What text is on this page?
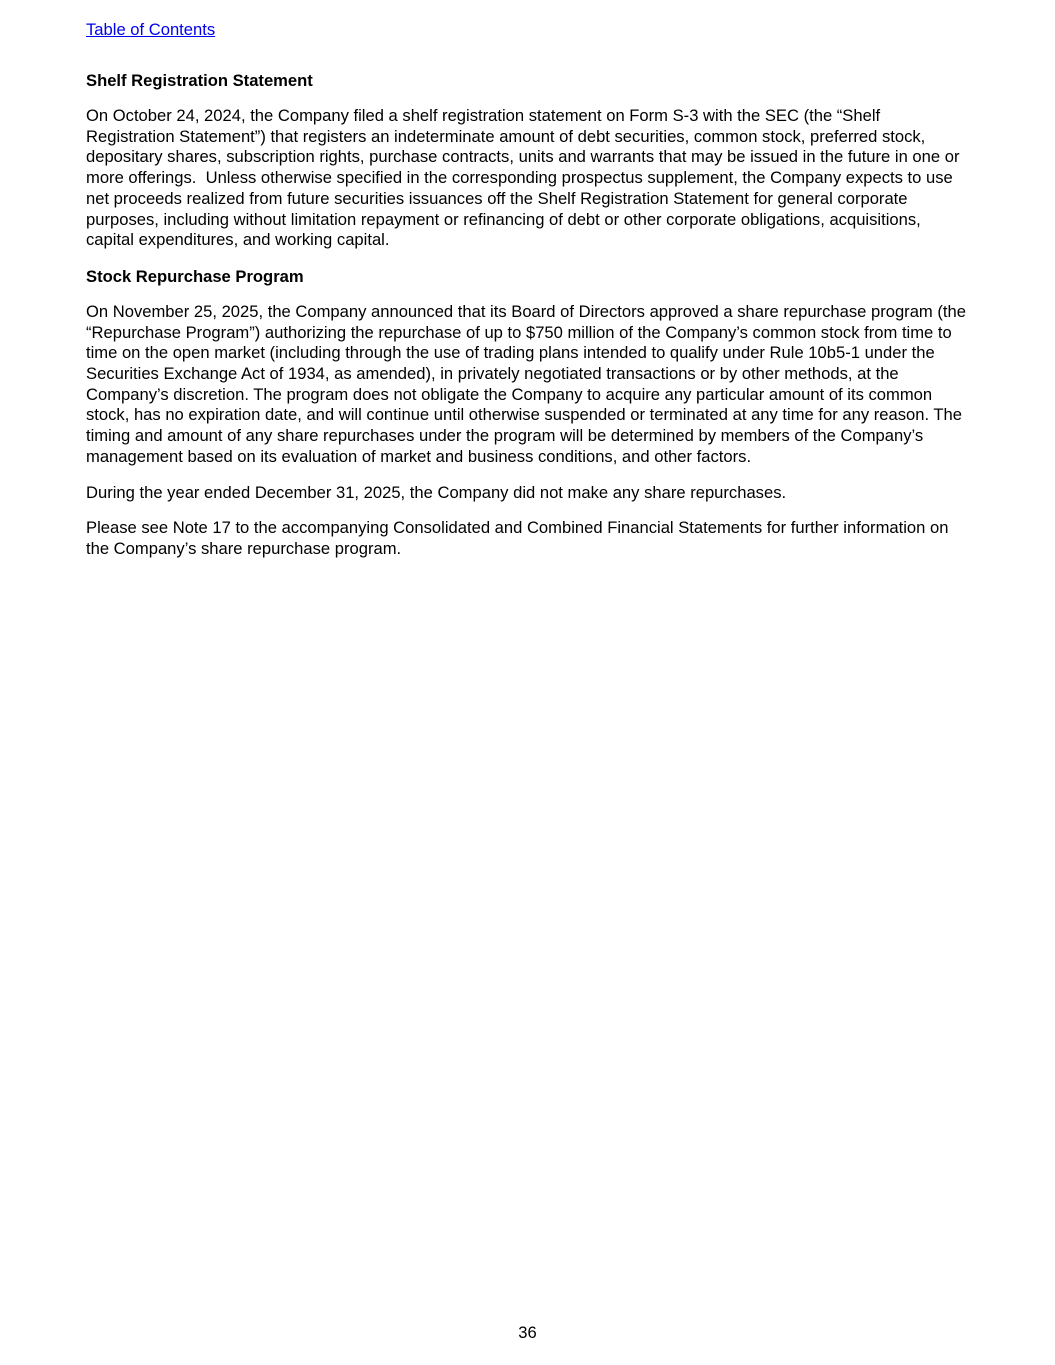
Table of Contents

Shelf Registration Statement

On October 24, 2024, the Company filed a shelf registration statement on Form S-3 with the SEC (the “Shelf Registration Statement”) that registers an indeterminate amount of debt securities, common stock, preferred stock, depositary shares, subscription rights, purchase contracts, units and warrants that may be issued in the future in one or more offerings.  Unless otherwise specified in the corresponding prospectus supplement, the Company expects to use net proceeds realized from future securities issuances off the Shelf Registration Statement for general corporate purposes, including without limitation repayment or refinancing of debt or other corporate obligations, acquisitions, capital expenditures, and working capital.

Stock Repurchase Program

On November 25, 2025, the Company announced that its Board of Directors approved a share repurchase program (the “Repurchase Program”) authorizing the repurchase of up to $750 million of the Company’s common stock from time to time on the open market (including through the use of trading plans intended to qualify under Rule 10b5-1 under the Securities Exchange Act of 1934, as amended), in privately negotiated transactions or by other methods, at the Company’s discretion. The program does not obligate the Company to acquire any particular amount of its common stock, has no expiration date, and will continue until otherwise suspended or terminated at any time for any reason. The timing and amount of any share repurchases under the program will be determined by members of the Company’s management based on its evaluation of market and business conditions, and other factors.

During the year ended December 31, 2025, the Company did not make any share repurchases.

Please see Note 17 to the accompanying Consolidated and Combined Financial Statements for further information on the Company’s share repurchase program.

36
